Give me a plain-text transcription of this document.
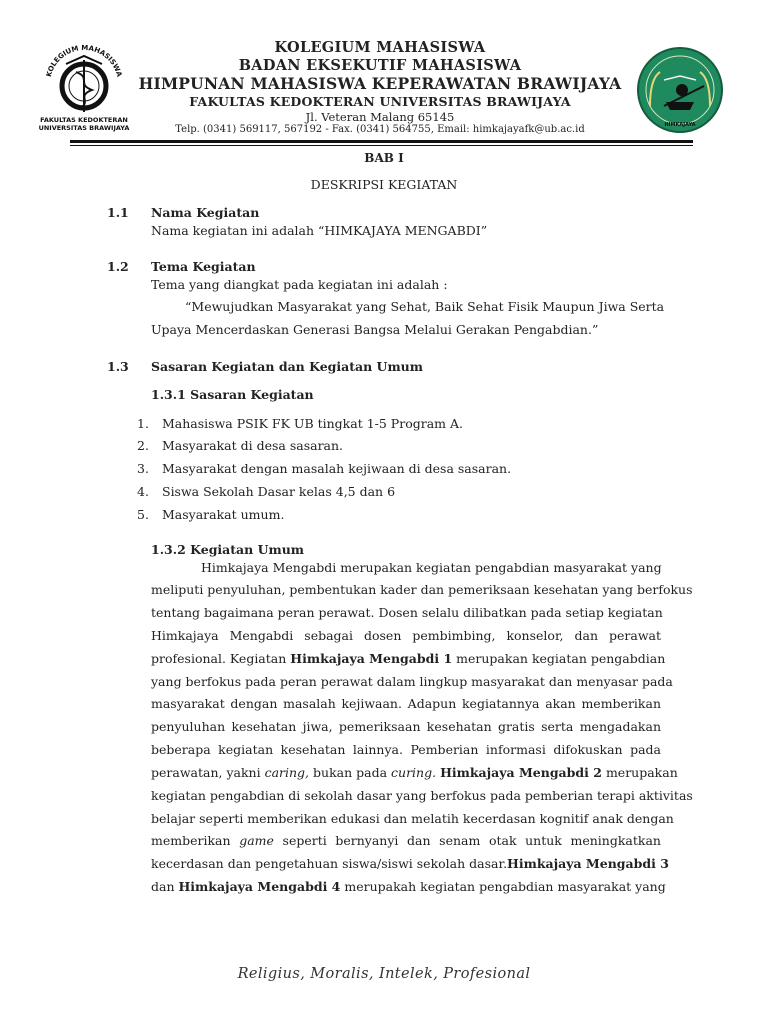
KOLEGIUM MAHASISWA
FAKULTAS KEDOKTERAN
UNIVERSITAS BRAWIJAYA	HIMKAJAYA
KOLEGIUM MAHASISWA
BADAN EKSEKUTIF MAHASISWA
HIMPUNAN MAHASISWA KEPERAWATAN BRAWIJAYA
FAKULTAS KEDOKTERAN UNIVERSITAS BRAWIJAYA
Jl. Veteran Malang 65145
Telp. (0341) 569117, 567192 - Fax. (0341) 564755, Email: himkajayafk@ub.ac.id
BAB I
DESKRIPSI KEGIATAN
1.1 Nama Kegiatan
Nama kegiatan ini adalah “HIMKAJAYA MENGABDI”
1.2 Tema Kegiatan
Tema yang diangkat pada kegiatan ini adalah :
“Mewujudkan Masyarakat yang Sehat, Baik Sehat Fisik Maupun Jiwa Serta
Upaya Mencerdaskan Generasi Bangsa Melalui Gerakan Pengabdian.”
1.3 Sasaran Kegiatan dan Kegiatan Umum
1.3.1 Sasaran Kegiatan
1. Mahasiswa PSIK FK UB tingkat 1-5 Program A.
2. Masyarakat di desa sasaran.
3. Masyarakat dengan masalah kejiwaan di desa sasaran.
4. Siswa Sekolah Dasar kelas 4,5 dan 6
5. Masyarakat umum.
1.3.2 Kegiatan Umum
Himkajaya Mengabdi merupakan kegiatan pengabdian masyarakat yang
meliputi penyuluhan, pembentukan kader dan pemeriksaan kesehatan yang berfokus
tentang bagaimana peran perawat. Dosen selalu dilibatkan pada setiap kegiatan
Himkajaya Mengabdi sebagai dosen pembimbing, konselor, dan perawat
profesional. Kegiatan Himkajaya Mengabdi 1 merupakan kegiatan pengabdian
yang berfokus pada peran perawat dalam lingkup masyarakat dan menyasar pada
masyarakat dengan masalah kejiwaan. Adapun kegiatannya akan memberikan
penyuluhan kesehatan jiwa, pemeriksaan kesehatan gratis serta mengadakan
beberapa kegiatan kesehatan lainnya. Pemberian informasi difokuskan pada
perawatan, yakni caring, bukan pada curing. Himkajaya Mengabdi 2 merupakan
kegiatan pengabdian di sekolah dasar yang berfokus pada pemberian terapi aktivitas
belajar seperti memberikan edukasi dan melatih kecerdasan kognitif anak dengan
memberikan game seperti bernyanyi dan senam otak untuk meningkatkan
kecerdasan dan pengetahuan siswa/siswi sekolah dasar.Himkajaya Mengabdi 3
dan Himkajaya Mengabdi 4 merupakah kegiatan pengabdian masyarakat yang
Religius, Moralis, Intelek, Profesional
